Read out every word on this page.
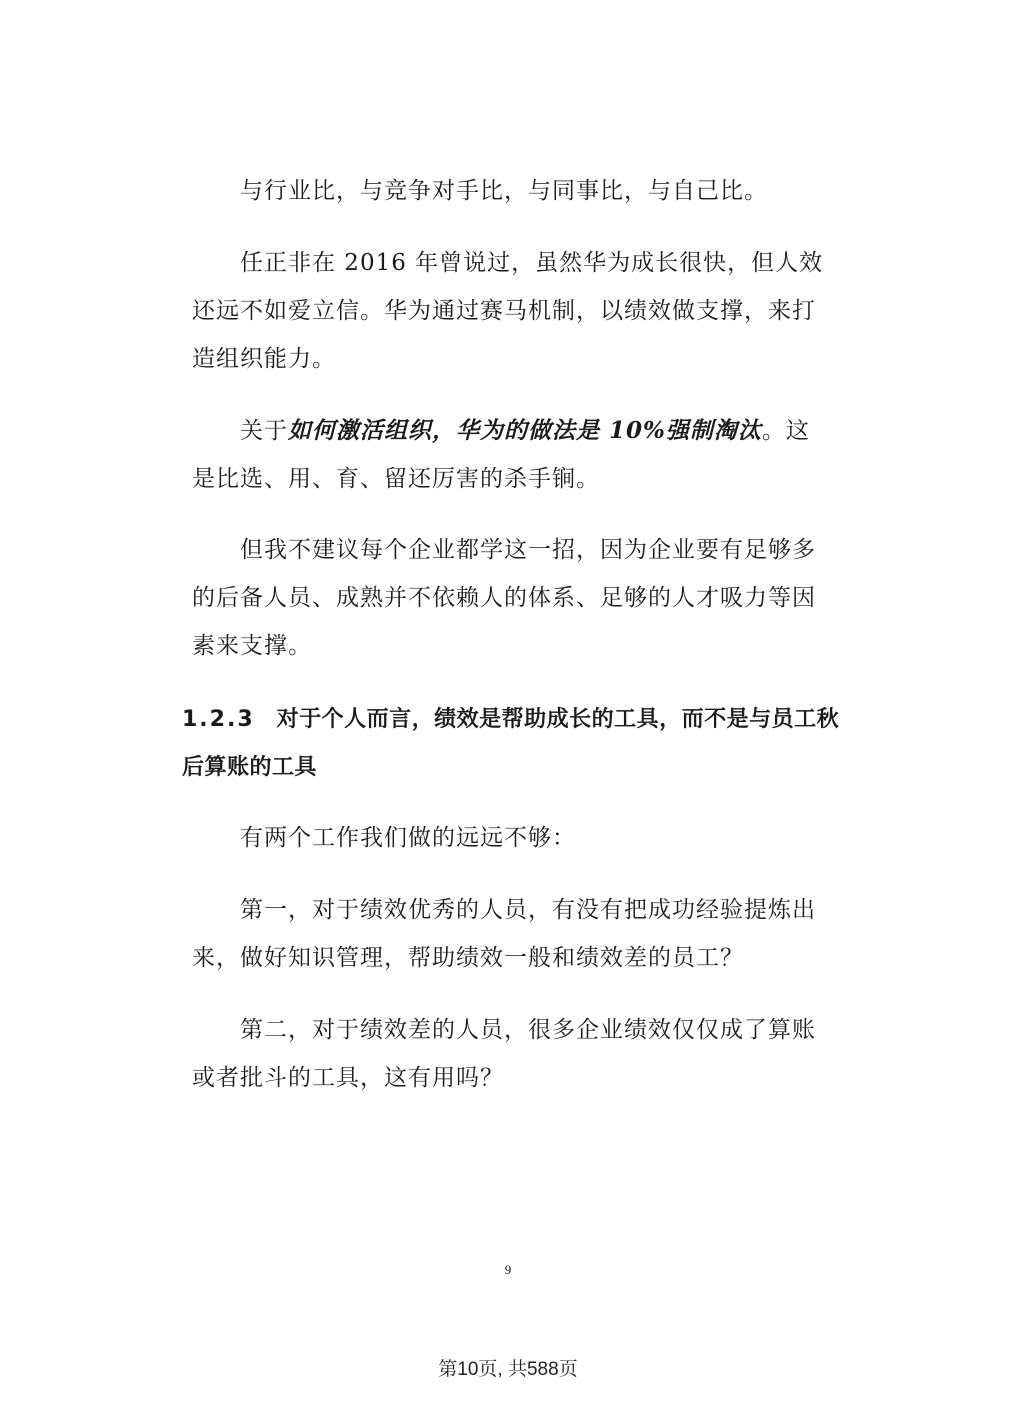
与行业比，与竞争对手比，与同事比，与自己比。

任正非在 2016 年曾说过，虽然华为成长很快，但人效还远不如爱立信。华为通过赛马机制，以绩效做支撑，来打造组织能力。

关于如何激活组织，华为的做法是 10%强制淘汰。这是比选、用、育、留还厉害的杀手锏。

但我不建议每个企业都学这一招，因为企业要有足够多的后备人员、成熟并不依赖人的体系、足够的人才吸力等因素来支撑。

1.2.3 对于个人而言，绩效是帮助成长的工具，而不是与员工秋后算账的工具

有两个工作我们做的远远不够：

第一，对于绩效优秀的人员，有没有把成功经验提炼出来，做好知识管理，帮助绩效一般和绩效差的员工？

第二，对于绩效差的人员，很多企业绩效仅仅成了算账或者批斗的工具，这有用吗？

9
第10页, 共588页
